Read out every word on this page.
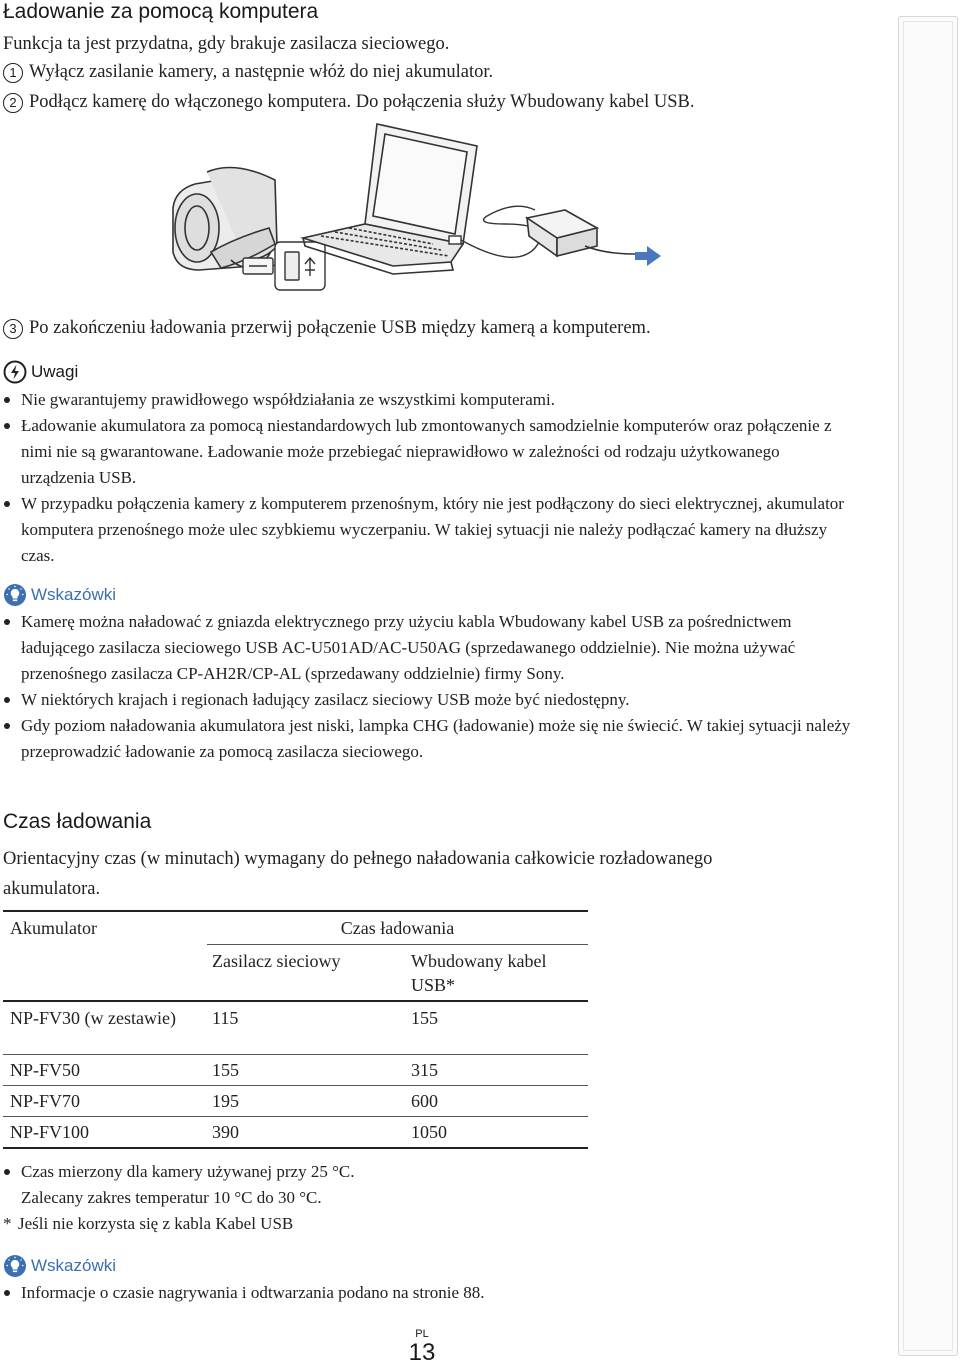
Ładowanie za pomocą komputera
Funkcja ta jest przydatna, gdy brakuje zasilacza sieciowego.
1 Wyłącz zasilanie kamery, a następnie włóż do niej akumulator.
2 Podłącz kamerę do włączonego komputera. Do połączenia służy Wbudowany kabel USB.
3 Po zakończeniu ładowania przerwij połączenie USB między kamerą a komputerem.
Uwagi
Nie gwarantujemy prawidłowego współdziałania ze wszystkimi komputerami.
Ładowanie akumulatora za pomocą niestandardowych lub zmontowanych samodzielnie komputerów oraz połączenie z nimi nie są gwarantowane. Ładowanie może przebiegać nieprawidłowo w zależności od rodzaju użytkowanego urządzenia USB.
W przypadku połączenia kamery z komputerem przenośnym, który nie jest podłączony do sieci elektrycznej, akumulator komputera przenośnego może ulec szybkiemu wyczerpaniu. W takiej sytuacji nie należy podłączać kamery na dłuższy czas.
Wskazówki
Kamerę można naładować z gniazda elektrycznego przy użyciu kabla Wbudowany kabel USB za pośrednictwem ładującego zasilacza sieciowego USB AC-U501AD/AC-U50AG (sprzedawanego oddzielnie). Nie można używać przenośnego zasilacza CP-AH2R/CP-AL (sprzedawany oddzielnie) firmy Sony.
W niektórych krajach i regionach ładujący zasilacz sieciowy USB może być niedostępny.
Gdy poziom naładowania akumulatora jest niski, lampka CHG (ładowanie) może się nie świecić. W takiej sytuacji należy przeprowadzić ładowanie za pomocą zasilacza sieciowego.
Czas ładowania
Orientacyjny czas (w minutach) wymagany do pełnego naładowania całkowicie rozładowanego akumulatora.
Akumulator	Czas ładowania	
	Zasilacz sieciowy	Wbudowany kabel USB*
NP-FV30 (w zestawie)	115	155
NP-FV50	155	315
NP-FV70	195	600
NP-FV100	390	1050
Czas mierzony dla kamery używanej przy 25 °C.
Zalecany zakres temperatur 10 °C do 30 °C.
* Jeśli nie korzysta się z kabla Kabel USB
Wskazówki
Informacje o czasie nagrywania i odtwarzania podano na stronie 88.
PL
13
